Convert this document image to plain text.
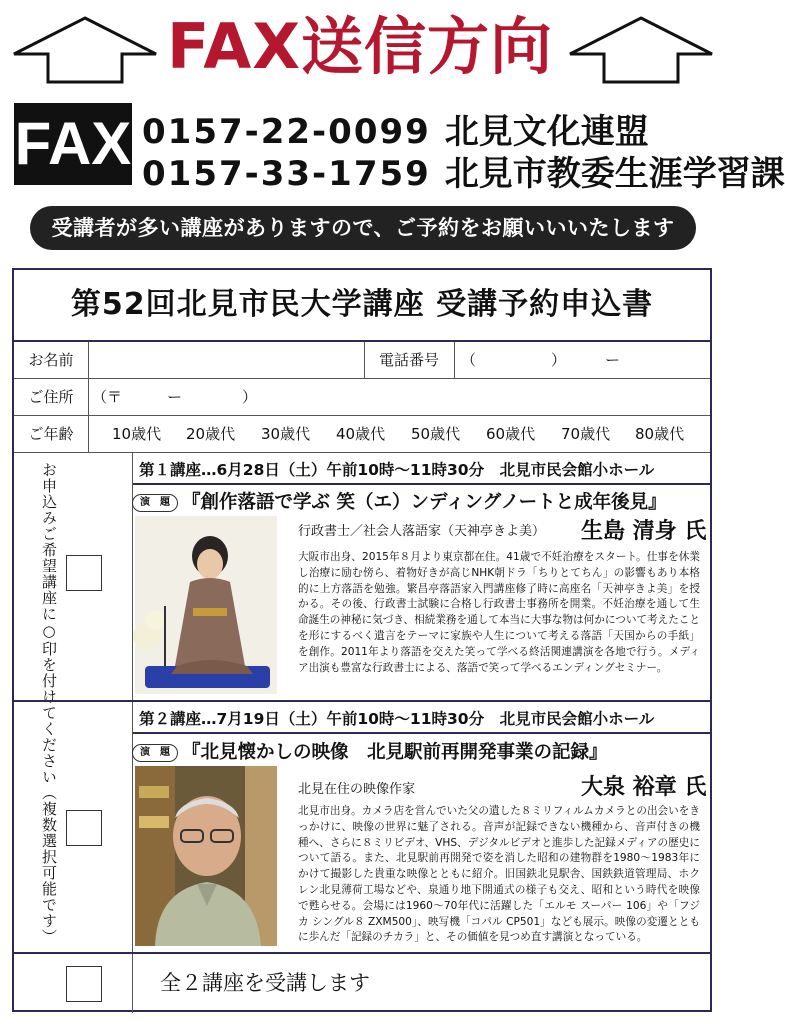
FAX送信方向
FAX 0157-22-0099 北見文化連盟
0157-33-1759 北見市教委生涯学習課
受講者が多い講座がありますので、ご予約をお願いいいたします
第52回北見市民大学講座 受講予約申込書
お名前	電話番号	（	）	ー
ご住所	（〒　　　ー　　　　）
ご年齢	10歳代 20歳代 30歳代 40歳代 50歳代 60歳代 70歳代 80歳代
お申込みご希望講座に○印を付けてください（複数選択可能です）	第１講座…6月28日（土）午前10時～11時30分　北見市民会館小ホール
演　題 『創作落語で学ぶ 笑（エ）ンディングノートと成年後見』
行政書士／社会人落語家（天神亭きよ美） 生島 清身 氏
大阪市出身、2015年８月より東京都在住。41歳で不妊治療をスタート。仕事を休業し治療に励む傍ら、着物好きが高じNHK朝ドラ「ちりとてちん」の影響もあり本格的に上方落語を勉強。繁昌亭落語家入門講座修了時に高座名「天神亭きよ美」を授かる。その後、行政書士試験に合格し行政書士事務所を開業。不妊治療を通して生命誕生の神秘に気づき、相続業務を通して本当に大事な物は何かについて考えたことを形にするべく遺言をテーマに家族や人生について考える落語「天国からの手紙」を創作。2011年より落語を交えた笑って学べる終活関連講演を各地で行う。メディア出演も豊富な行政書士による、落語で笑って学べるエンディングセミナー。
第２講座…7月19日（土）午前10時～11時30分　北見市民会館小ホール
演　題 『北見懐かしの映像　北見駅前再開発事業の記録』
北見在住の映像作家	大泉 裕章 氏
北見市出身。カメラ店を営んでいた父の遺した８ミリフィルムカメラとの出会いをきっかけに、映像の世界に魅了される。音声が記録できない機種から、音声付きの機種へ、さらに８ミリビデオ、VHS、デジタルビデオと進歩した記録メディアの歴史について語る。また、北見駅前再開発で姿を消した昭和の建物群を1980～1983年にかけて撮影した貴重な映像とともに紹介。旧国鉄北見駅舎、国鉄鉄道管理局、ホクレン北見薄荷工場などや、泉通り地下開通式の様子も交え、昭和という時代を映像で甦らせる。会場には1960～70年代に活躍した「エルモ スーパー 106」や「フジカ シングル８ ZXM500」、映写機「コパル CP501」なども展示。映像の変遷とともに歩んだ「記録のチカラ」と、その価値を見つめ直す講演となっている。
全２講座を受講します
